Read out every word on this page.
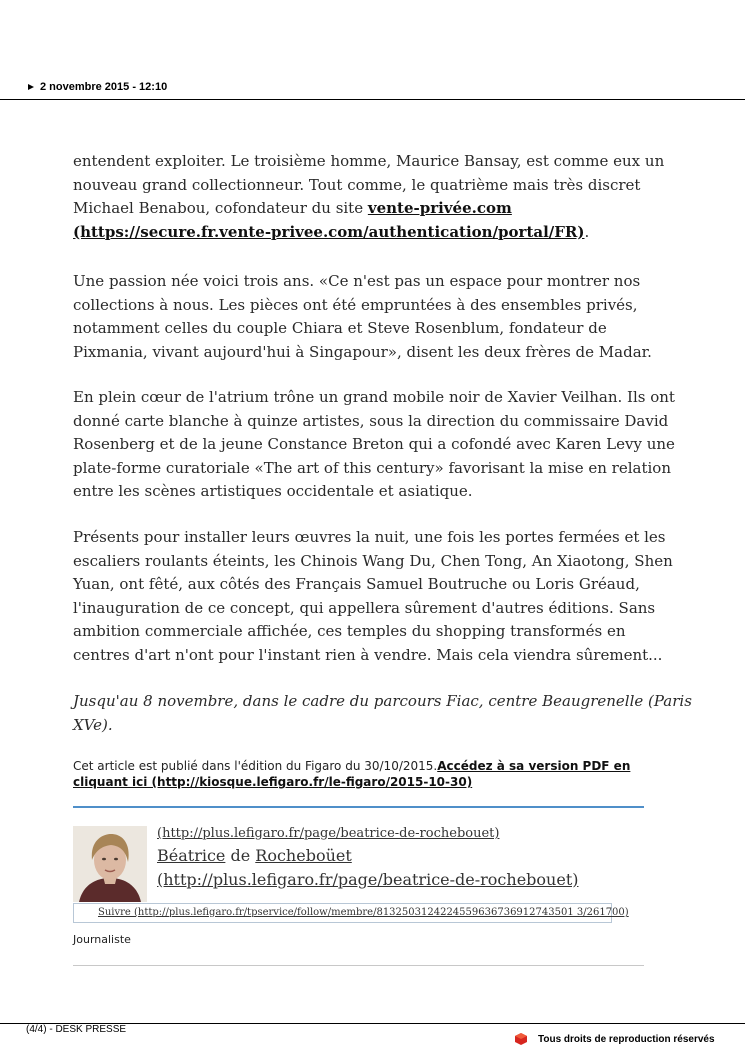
2 novembre 2015 - 12:10
entendent exploiter. Le troisième homme, Maurice Bansay, est comme eux un
nouveau grand collectionneur. Tout comme, le quatrième mais très discret
Michael Benabou, cofondateur du site vente-privée.com
(https://secure.fr.vente-privee.com/authentication/portal/FR).
Une passion née voici trois ans. «Ce n'est pas un espace pour montrer nos
collections à nous. Les pièces ont été empruntées à des ensembles privés,
notamment celles du couple Chiara et Steve Rosenblum, fondateur de
Pixmania, vivant aujourd'hui à Singapour», disent les deux frères de Madar.
En plein cœur de l'atrium trône un grand mobile noir de Xavier Veilhan. Ils ont
donné carte blanche à quinze artistes, sous la direction du commissaire David
Rosenberg et de la jeune Constance Breton qui a cofondé avec Karen Levy une
plate-forme curatoriale «The art of this century» favorisant la mise en relation
entre les scènes artistiques occidentale et asiatique.
Présents pour installer leurs œuvres la nuit, une fois les portes fermées et les
escaliers roulants éteints, les Chinois Wang Du, Chen Tong, An Xiaotong, Shen
Yuan, ont fêté, aux côtés des Français Samuel Boutruche ou Loris Gréaud,
l'inauguration de ce concept, qui appellera sûrement d'autres éditions. Sans
ambition commerciale affichée, ces temples du shopping transformés en
centres d'art n'ont pour l'instant rien à vendre. Mais cela viendra sûrement...
Jusqu'au 8 novembre, dans le cadre du parcours Fiac, centre Beaugrenelle (Paris
XVe).
Cet article est publié dans l'édition du Figaro du 30/10/2015.Accédez à sa version PDF en
cliquant ici (http://kiosque.lefigaro.fr/le-figaro/2015-10-30)
(http://plus.lefigaro.fr/page/beatrice-de-rochebouet)
Béatrice de Rocheboüet
(http://plus.lefigaro.fr/page/beatrice-de-rochebouet)
Suivre (http://plus.lefigaro.fr/tpservice/follow/membre/8132503124224559636736912743501 3/261700)
Journaliste
(4/4) - DESK PRESSE
Tous droits de reproduction réservés
